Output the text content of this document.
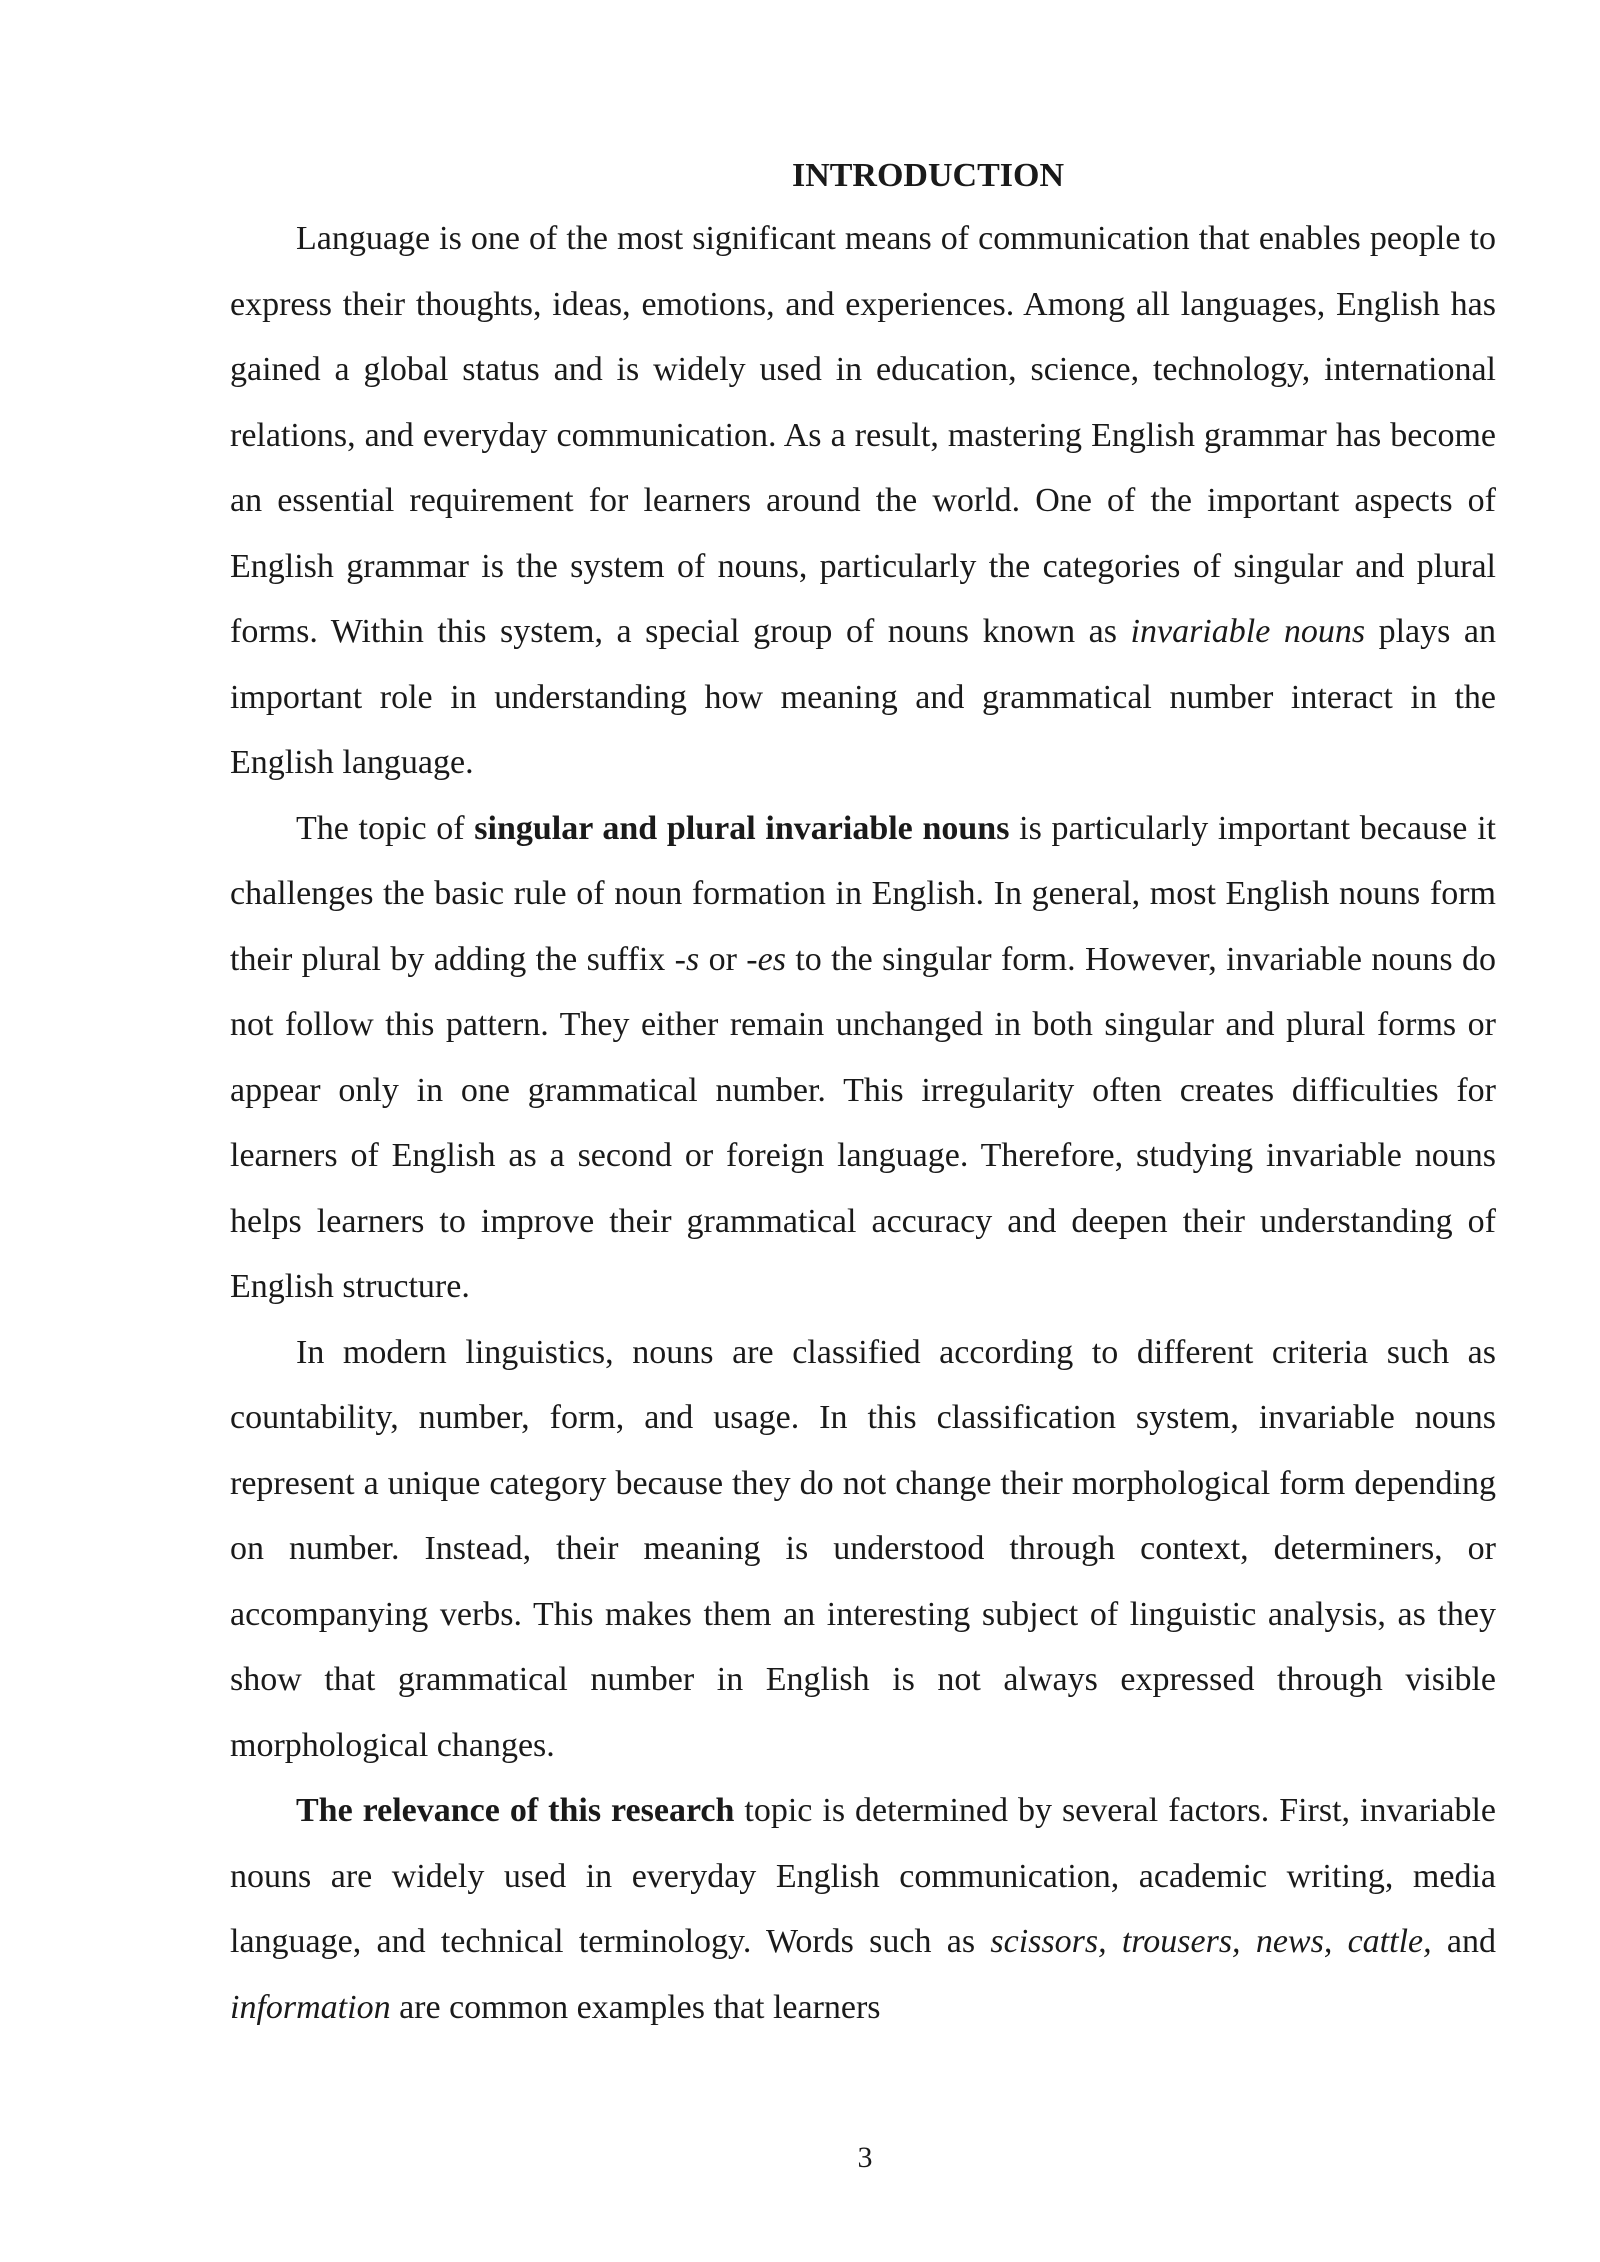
INTRODUCTION

Language is one of the most significant means of communication that enables people to express their thoughts, ideas, emotions, and experiences. Among all languages, English has gained a global status and is widely used in education, science, technology, international relations, and everyday communication. As a result, mastering English grammar has become an essential requirement for learners around the world. One of the important aspects of English grammar is the system of nouns, particularly the categories of singular and plural forms. Within this system, a special group of nouns known as invariable nouns plays an important role in understanding how meaning and grammatical number interact in the English language.

The topic of singular and plural invariable nouns is particularly important because it challenges the basic rule of noun formation in English. In general, most English nouns form their plural by adding the suffix -s or -es to the singular form. However, invariable nouns do not follow this pattern. They either remain unchanged in both singular and plural forms or appear only in one grammatical number. This irregularity often creates difficulties for learners of English as a second or foreign language. Therefore, studying invariable nouns helps learners to improve their grammatical accuracy and deepen their understanding of English structure.

In modern linguistics, nouns are classified according to different criteria such as countability, number, form, and usage. In this classification system, invariable nouns represent a unique category because they do not change their morphological form depending on number. Instead, their meaning is understood through context, determiners, or accompanying verbs. This makes them an interesting subject of linguistic analysis, as they show that grammatical number in English is not always expressed through visible morphological changes.

The relevance of this research topic is determined by several factors. First, invariable nouns are widely used in everyday English communication, academic writing, media language, and technical terminology. Words such as scissors, trousers, news, cattle, and information are common examples that learners

3
